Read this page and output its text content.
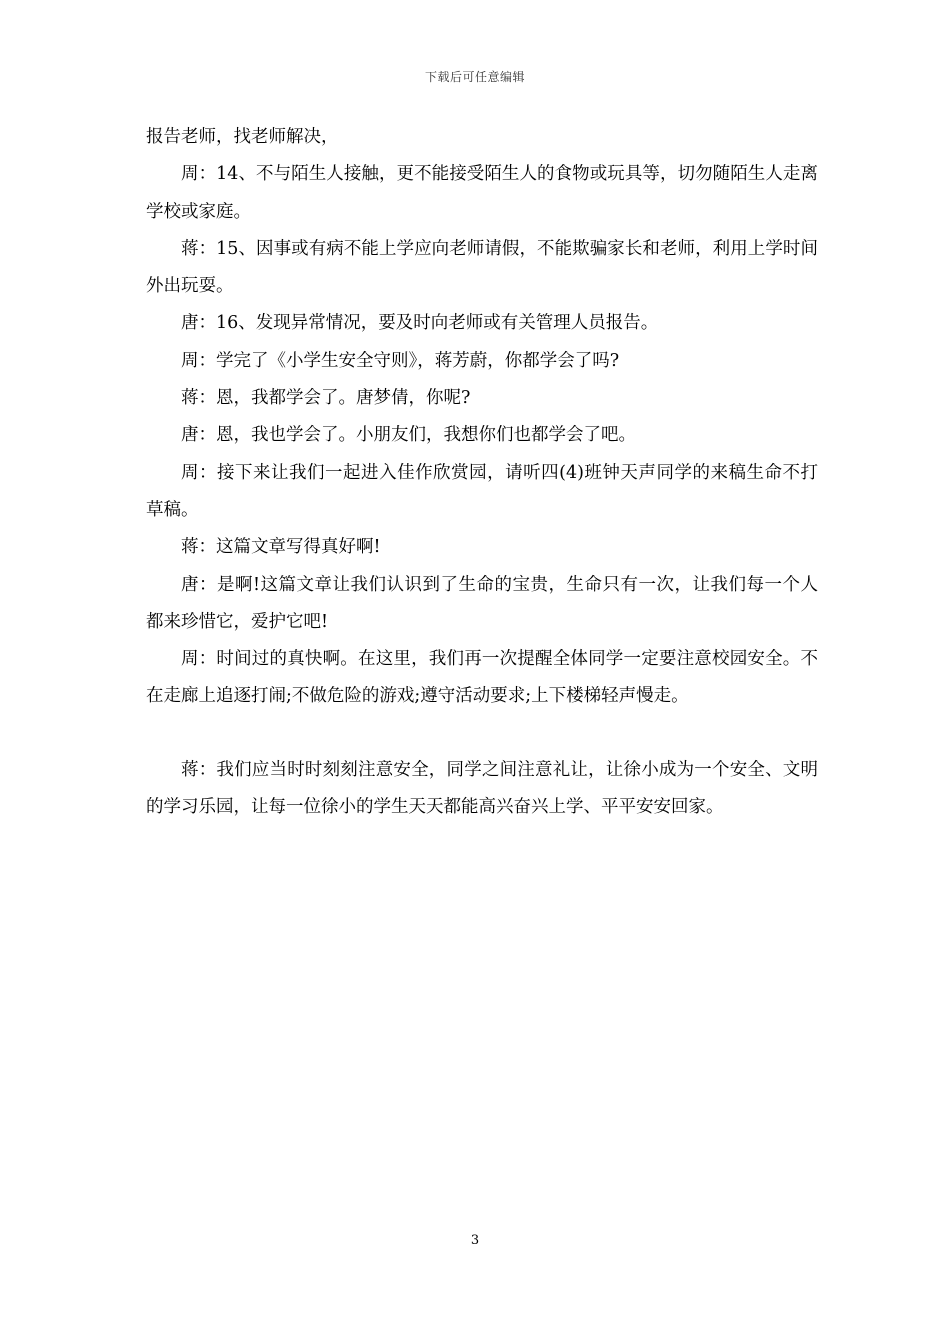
下载后可任意编辑

报告老师，找老师解决，

周：14、不与陌生人接触，更不能接受陌生人的食物或玩具等，切勿随陌生人走离学校或家庭。

蒋：15、因事或有病不能上学应向老师请假，不能欺骗家长和老师，利用上学时间外出玩耍。

唐：16、发现异常情况，要及时向老师或有关管理人员报告。

周：学完了《小学生安全守则》，蒋芳蔚，你都学会了吗?

蒋：恩，我都学会了。唐梦倩，你呢?

唐：恩，我也学会了。小朋友们，我想你们也都学会了吧。

周：接下来让我们一起进入佳作欣赏园，请听四(4)班钟天声同学的来稿生命不打草稿。

蒋：这篇文章写得真好啊!

唐：是啊!这篇文章让我们认识到了生命的宝贵，生命只有一次，让我们每一个人都来珍惜它，爱护它吧!

周：时间过的真快啊。在这里，我们再一次提醒全体同学一定要注意校园安全。不在走廊上追逐打闹;不做危险的游戏;遵守活动要求;上下楼梯轻声慢走。

蒋：我们应当时时刻刻注意安全，同学之间注意礼让，让徐小成为一个安全、文明的学习乐园，让每一位徐小的学生天天都能高兴奋兴上学、平平安安回家。

3
